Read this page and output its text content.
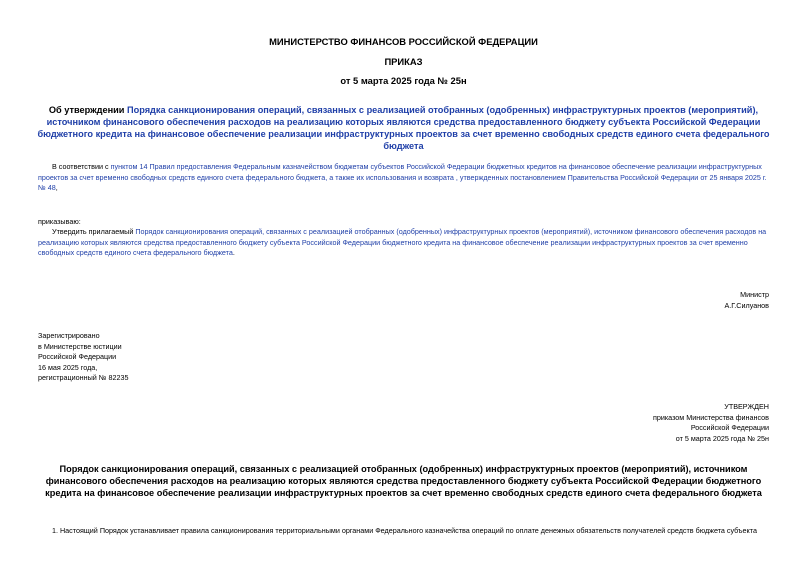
МИНИСТЕРСТВО ФИНАНСОВ РОССИЙСКОЙ ФЕДЕРАЦИИ
ПРИКАЗ
от 5 марта 2025 года № 25н
Об утверждении Порядка санкционирования операций, связанных с реализацией отобранных (одобренных) инфраструктурных проектов (мероприятий), источником финансового обеспечения расходов на реализацию которых являются средства предоставленного бюджету субъекта Российской Федерации бюджетного кредита на финансовое обеспечение реализации инфраструктурных проектов за счет временно свободных средств единого счета федерального бюджета
В соответствии с пунктом 14 Правил предоставления Федеральным казначейством бюджетам субъектов Российской Федерации бюджетных кредитов на финансовое обеспечение реализации инфраструктурных проектов за счет временно свободных средств единого счета федерального бюджета, а также их использования и возврата , утвержденных постановлением Правительства Российской Федерации от 25 января 2025 г. № 48,
приказываю:
Утвердить прилагаемый Порядок санкционирования операций, связанных с реализацией отобранных (одобренных) инфраструктурных проектов (мероприятий), источником финансового обеспечения расходов на реализацию которых являются средства предоставленного бюджету субъекта Российской Федерации бюджетного кредита на финансовое обеспечение реализации инфраструктурных проектов за счет временно свободных средств единого счета федерального бюджета.
Министр
А.Г.Силуанов
Зарегистрировано
в Министерстве юстиции
Российской Федерации
16 мая 2025 года,
регистрационный № 82235
УТВЕРЖДЕН
приказом Министерства финансов
Российской Федерации
от 5 марта 2025 года № 25н
Порядок санкционирования операций, связанных с реализацией отобранных (одобренных) инфраструктурных проектов (мероприятий), источником финансового обеспечения расходов на реализацию которых являются средства предоставленного бюджету субъекта Российской Федерации бюджетного кредита на финансовое обеспечение реализации инфраструктурных проектов за счет временно свободных средств единого счета федерального бюджета
1. Настоящий Порядок устанавливает правила санкционирования территориальными органами Федерального казначейства операций по оплате денежных обязательств получателей средств бюджета субъекта
